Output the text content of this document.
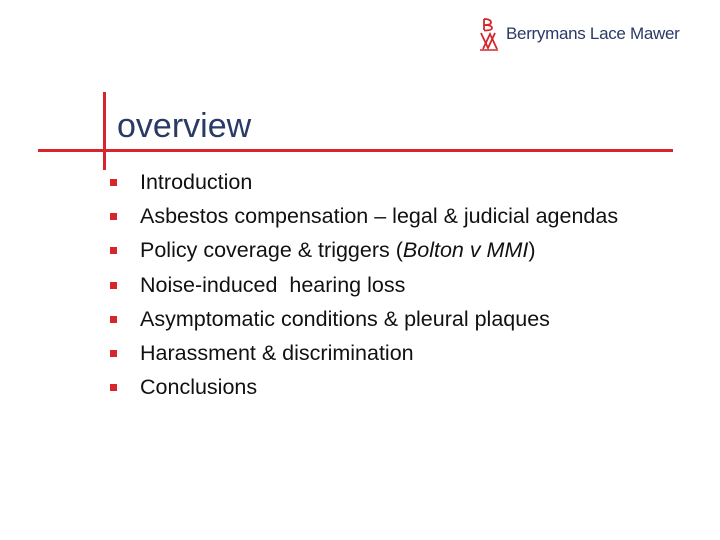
Berrymans Lace Mawer
overview
Introduction
Asbestos compensation – legal & judicial agendas
Policy coverage & triggers (Bolton v MMI)
Noise-induced  hearing loss
Asymptomatic conditions & pleural plaques
Harassment & discrimination
Conclusions
